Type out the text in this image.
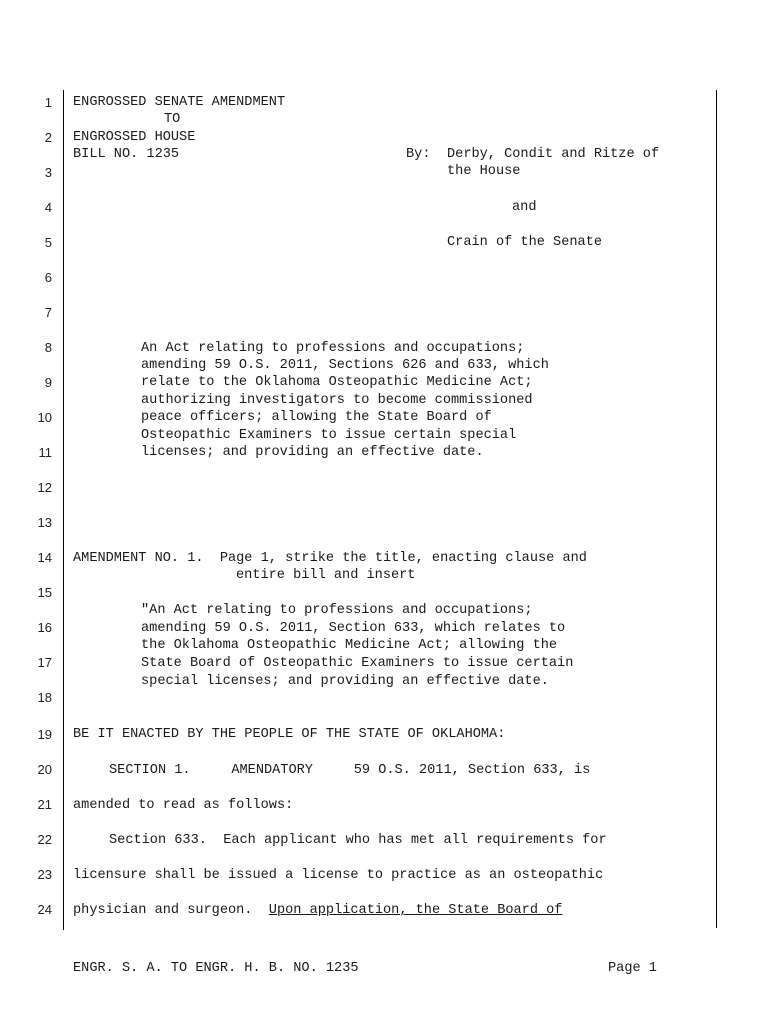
1
2
3
4
5
6
7
8
9
10
11
12
13
14
15
16
17
18
19
20
21
22
23
24
ENGROSSED SENATE AMENDMENT
TO
ENGROSSED HOUSE
BILL NO. 1235	By: Derby, Condit and Ritze of
the House
and
Crain of the Senate
An Act relating to professions and occupations;
amending 59 O.S. 2011, Sections 626 and 633, which
relate to the Oklahoma Osteopathic Medicine Act;
authorizing investigators to become commissioned
peace officers; allowing the State Board of
Osteopathic Examiners to issue certain special
licenses; and providing an effective date.
AMENDMENT NO. 1.  Page 1, strike the title, enacting clause and
entire bill and insert
"An Act relating to professions and occupations;
amending 59 O.S. 2011, Section 633, which relates to
the Oklahoma Osteopathic Medicine Act; allowing the
State Board of Osteopathic Examiners to issue certain
special licenses; and providing an effective date.
BE IT ENACTED BY THE PEOPLE OF THE STATE OF OKLAHOMA:
SECTION 1.     AMENDATORY     59 O.S. 2011, Section 633, is
amended to read as follows:
Section 633.  Each applicant who has met all requirements for
licensure shall be issued a license to practice as an osteopathic
physician and surgeon.  Upon application, the State Board of
ENGR. S. A. TO ENGR. H. B. NO. 1235	Page 1
